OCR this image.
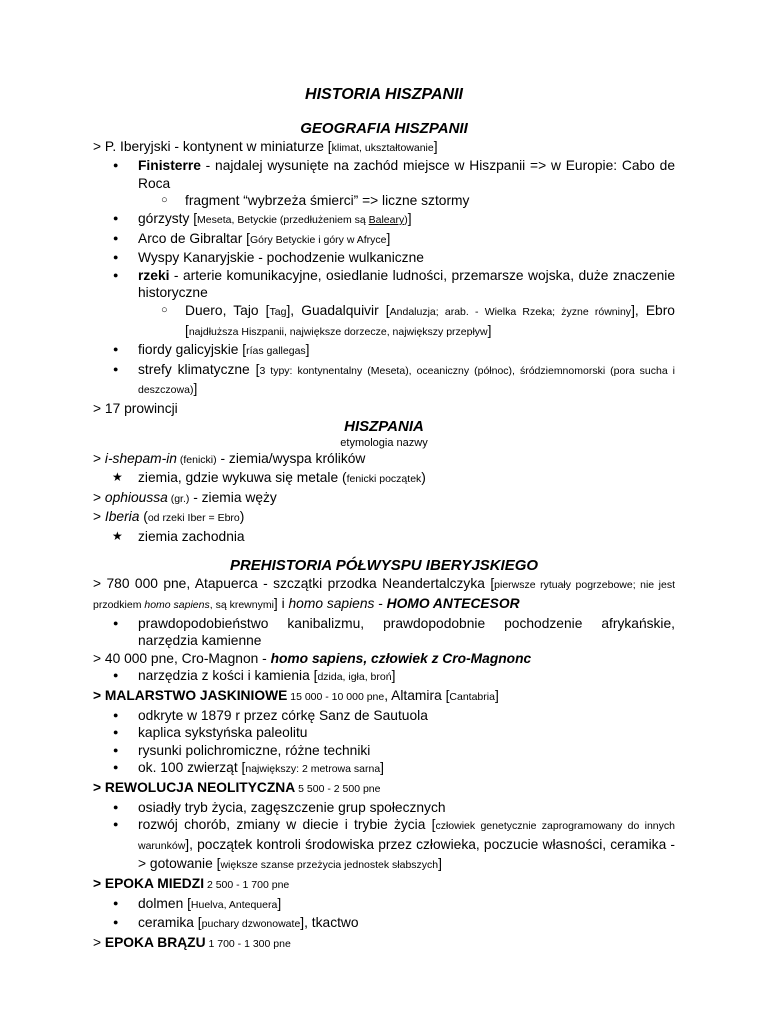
HISTORIA HISZPANII
GEOGRAFIA HISZPANII

> P. Iberyjski - kontynent w miniaturze [klimat, ukształtowanie]

● Finisterre - najdalej wysunięte na zachód miejsce w Hiszpanii => w Europie: Cabo de Roca

○ fragment “wybrzeża śmierci” => liczne sztormy

● górzysty [Meseta, Betyckie (przedłużeniem są Baleary)]

● Arco de Gibraltar [Góry Betyckie i góry w Afryce]

● Wyspy Kanaryjskie - pochodzenie wulkaniczne

● rzeki - arterie komunikacyjne, osiedlanie ludności, przemarsze wojska, duże znaczenie historyczne

○ Duero, Tajo [Tag], Guadalquivir [Andaluzja; arab. - Wielka Rzeka; żyzne równiny], Ebro [najdłuższa Hiszpanii, największe dorzecze, największy przepływ]

● fiordy galicyjskie [rías gallegas]

● strefy klimatyczne [3 typy: kontynentalny (Meseta), oceaniczny (północ), śródziemnomorski (pora sucha i deszczowa)]

> 17 prowincji

HISZPANIA
etymologia nazwy

> i-shepam-in (fenicki) - ziemia/wyspa królików

★ ziemia, gdzie wykuwa się metale (fenicki początek)

> ophioussa (gr.) - ziemia węży

> Iberia (od rzeki Iber = Ebro)

★ ziemia zachodnia

PREHISTORIA PÓŁWYSPU IBERYJSKIEGO

> 780 000 pne, Atapuerca - szczątki przodka Neandertalczyka [pierwsze rytuały pogrzebowe; nie jest przodkiem homo sapiens, są krewnymi] i homo sapiens - HOMO ANTECESOR

● prawdopodobieństwo kanibalizmu, prawdopodobnie pochodzenie afrykańskie, narzędzia kamienne

> 40 000 pne, Cro-Magnon - homo sapiens, człowiek z Cro-Magnonc

● narzędzia z kości i kamienia [dzida, igła, broń]

> MALARSTWO JASKINIOWE 15 000 - 10 000 pne, Altamira [Cantabria]

● odkryte w 1879 r przez córkę Sanz de Sautuola

● kaplica sykstyńska paleolitu

● rysunki polichromiczne, różne techniki

● ok. 100 zwierząt [największy: 2 metrowa sarna]

> REWOLUCJA NEOLITYCZNA 5 500 - 2 500 pne

● osiadły tryb życia, zagęszczenie grup społecznych

● rozwój chorób, zmiany w diecie i trybie życia [człowiek genetycznie zaprogramowany do innych warunków], początek kontroli środowiska przez człowieka, poczucie własności, ceramika -> gotowanie [większe szanse przeżycia jednostek słabszych]

> EPOKA MIEDZI 2 500 - 1 700 pne

● dolmen [Huelva, Antequera]

● ceramika [puchary dzwonowate], tkactwo

> EPOKA BRĄZU 1 700 - 1 300 pne
